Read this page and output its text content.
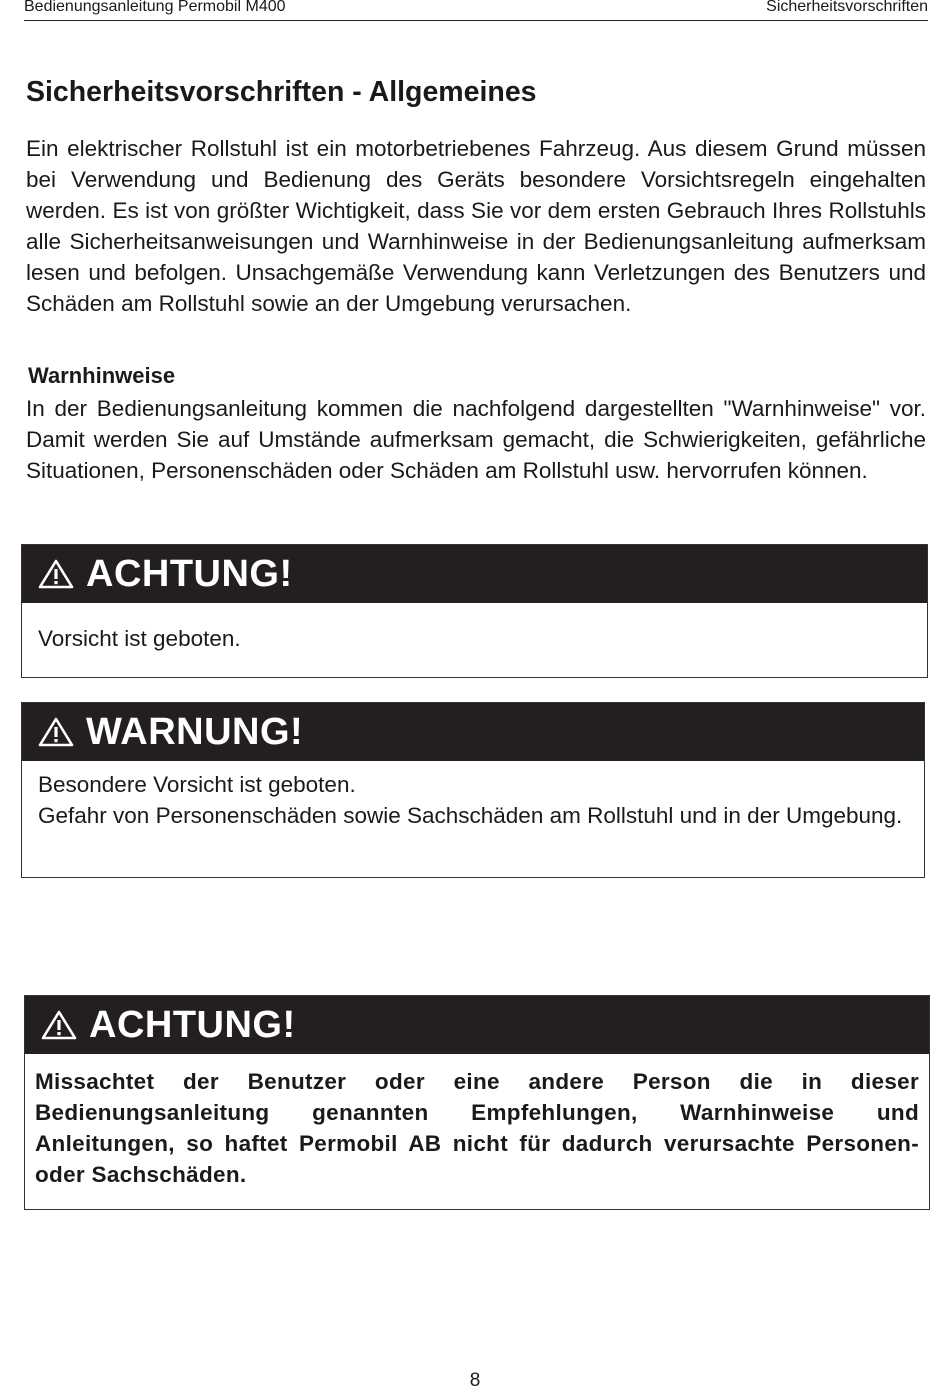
Bedienungsanleitung Permobil M400	Sicherheitsvorschriften
Sicherheitsvorschriften - Allgemeines

Ein elektrischer Rollstuhl ist ein motorbetriebenes Fahrzeug. Aus diesem Grund müssen bei Verwendung und Bedienung des Geräts besondere Vorsichtsregeln eingehalten werden. Es ist von größter Wichtigkeit, dass Sie vor dem ersten Gebrauch Ihres Rollstuhls alle Sicherheitsanweisungen und Warnhinweise in der Bedienungsanleitung aufmerksam lesen und befolgen. Unsachgemäße Verwendung kann Verletzungen des Benutzers und Schäden am Rollstuhl sowie an der Umgebung verursachen.

Warnhinweise

In der Bedienungsanleitung kommen die nachfolgend dargestellten "Warnhinweise" vor. Damit werden Sie auf Umstände aufmerksam gemacht, die Schwierigkeiten, gefährliche Situationen, Personenschäden oder Schäden am Rollstuhl usw. hervorrufen können.

ACHTUNG!
Vorsicht ist geboten.
WARNUNG!
Besondere Vorsicht ist geboten.
Gefahr von Personenschäden sowie Sachschäden am Rollstuhl und in der Umgebung.
ACHTUNG!
Missachtet der Benutzer oder eine andere Person die in dieser Bedienungsanleitung genannten Empfehlungen, Warnhinweise und Anleitungen, so haftet Permobil AB nicht für dadurch verursachte Personen- oder Sachschäden.
8
